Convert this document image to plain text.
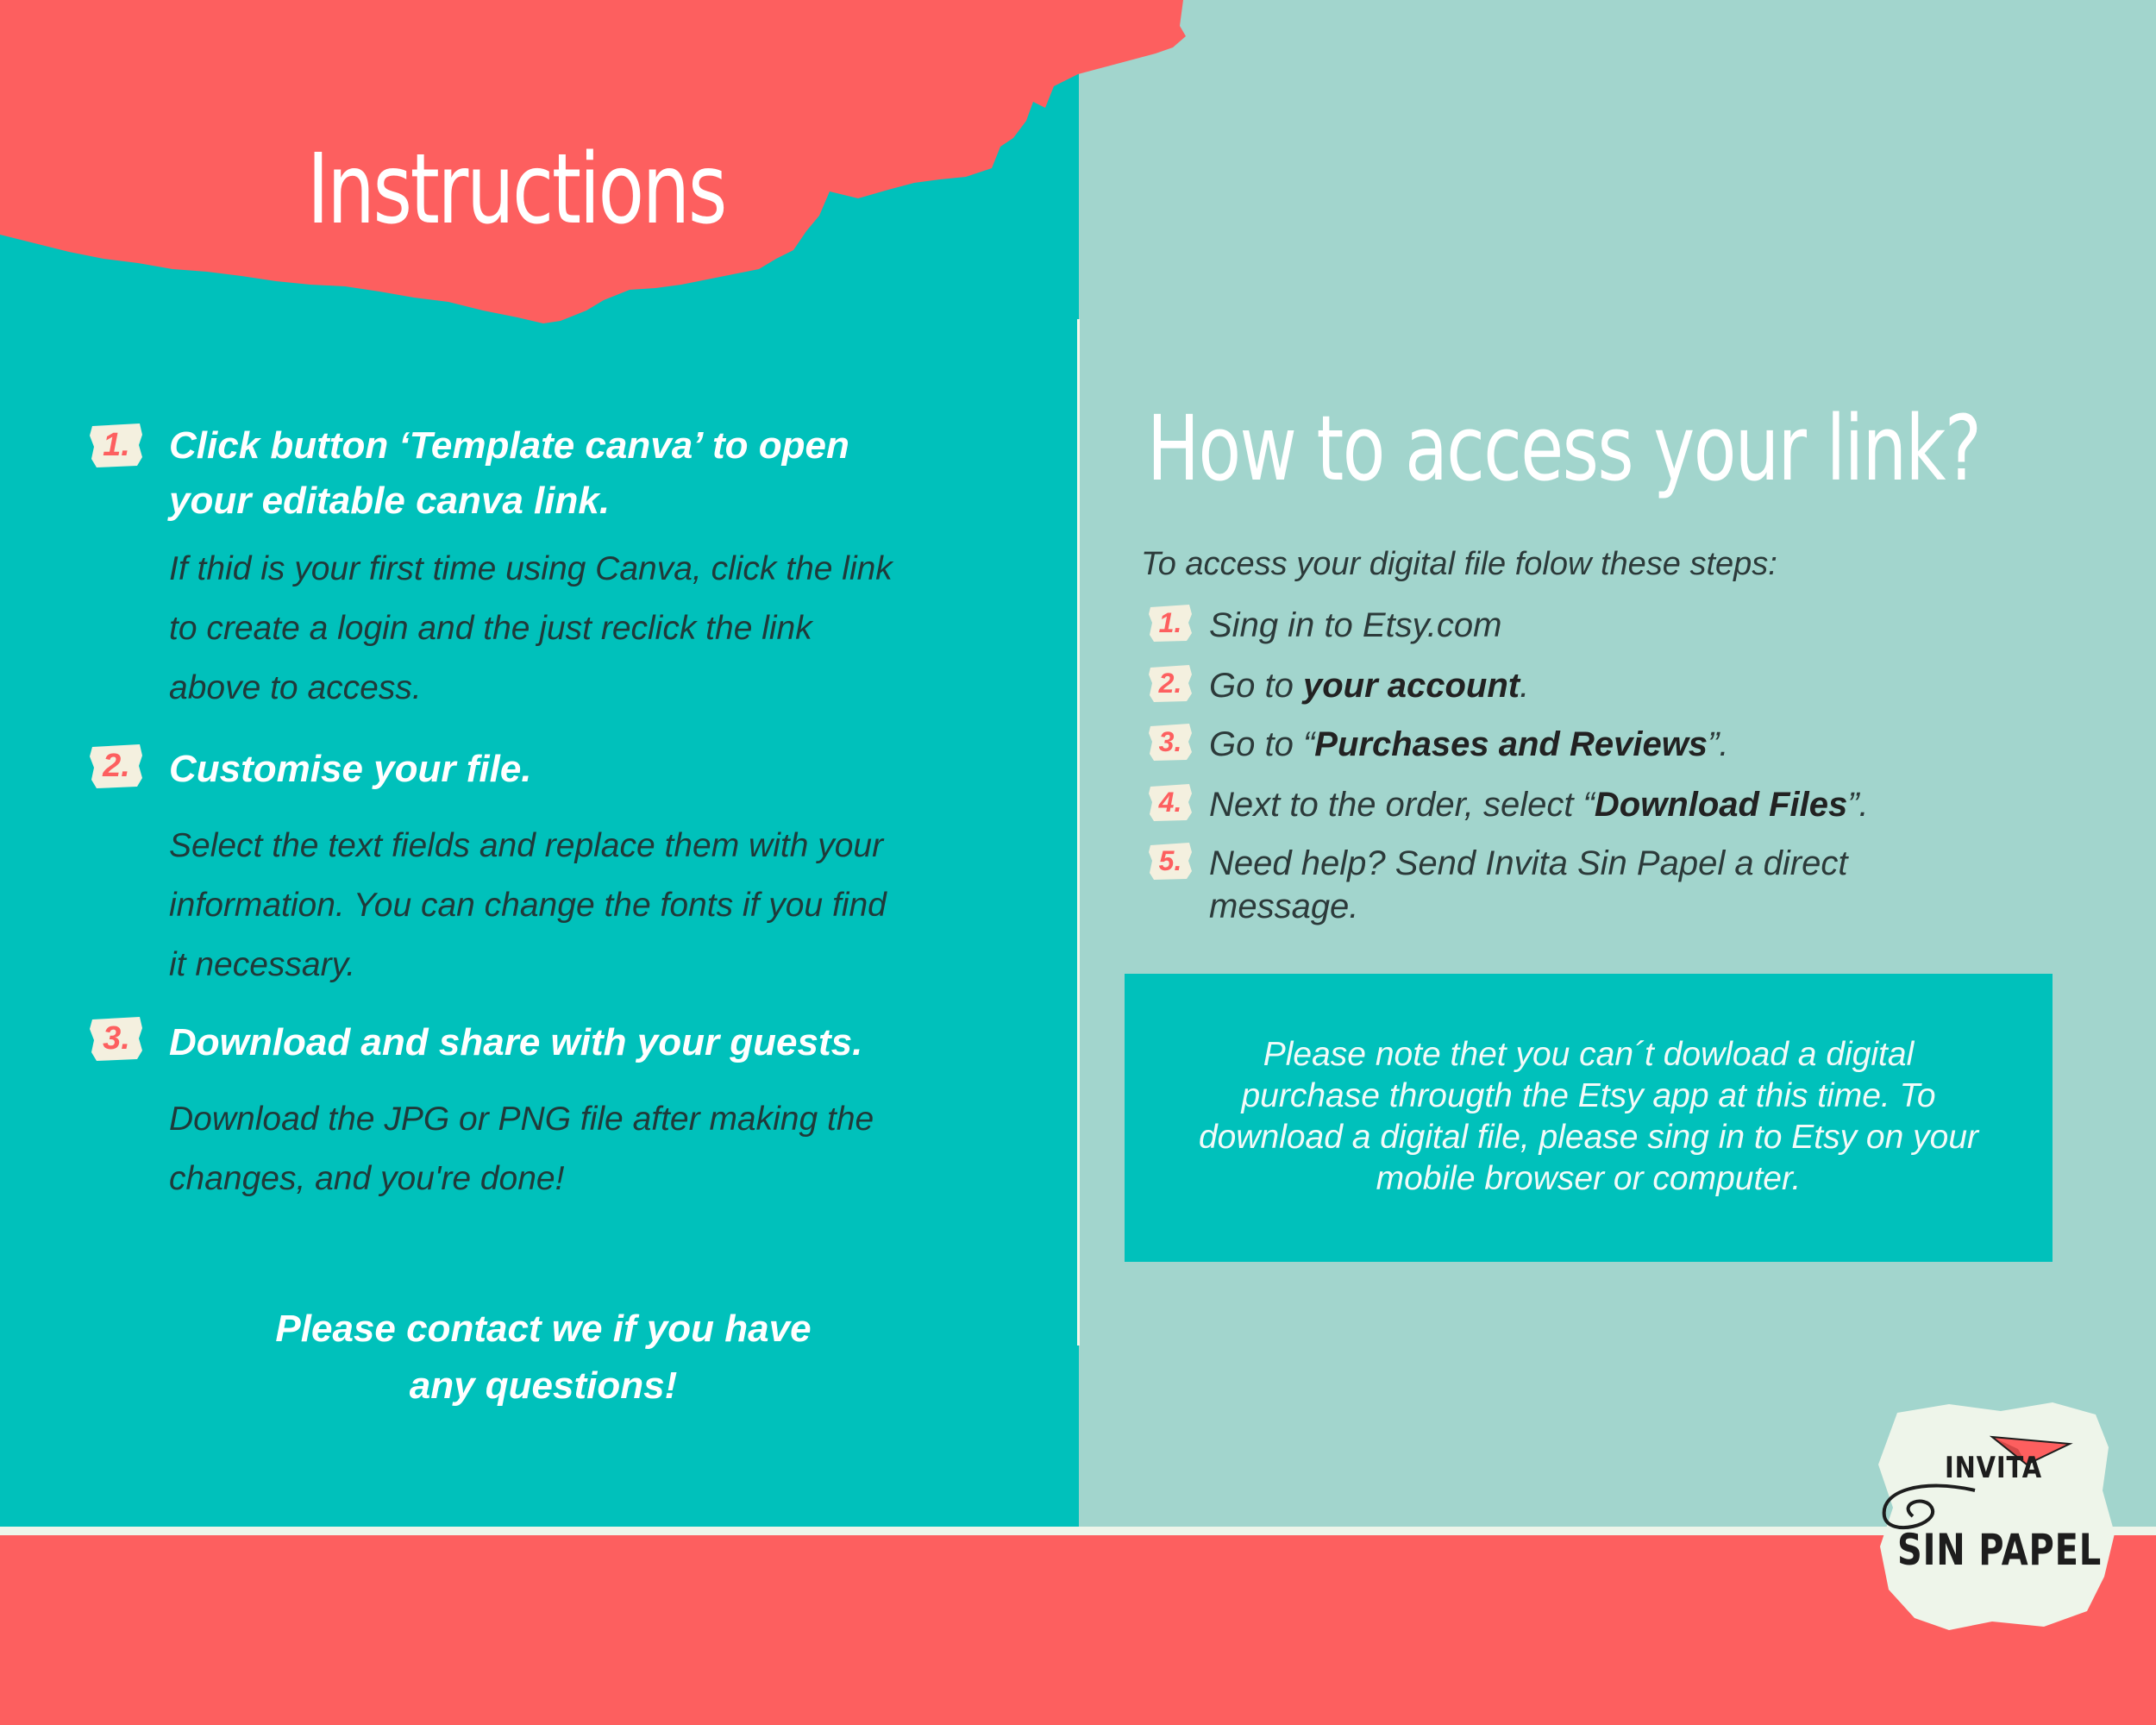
Instructions
1.	Click button ‘Template canva’ to open
your editable canva link.

If thid is your first time using Canva, click the link
to create a login and the just reclick the link
above to access.

2.	Customise your file.

Select the text fields and replace them with your
information. You can change the fonts if you find
it necessary.

3.	Download and share with your guests.

Download the JPG or PNG file after making the
changes, and you're done!

Please contact we if you have
any questions!

How to access your link?

To access your digital file folow these steps:

1. Sing in to Etsy.com

2. Go to your account.

3. Go to “Purchases and Reviews”.

4. Next to the order, select “Download Files”.

5. Need help? Send Invita Sin Papel a direct
message.

Please note thet you can´t dowload a digital
purchase througth the Etsy app at this time. To
download a digital file, please sing in to Etsy on your
mobile browser or computer.

INVITA
SIN PAPEL
